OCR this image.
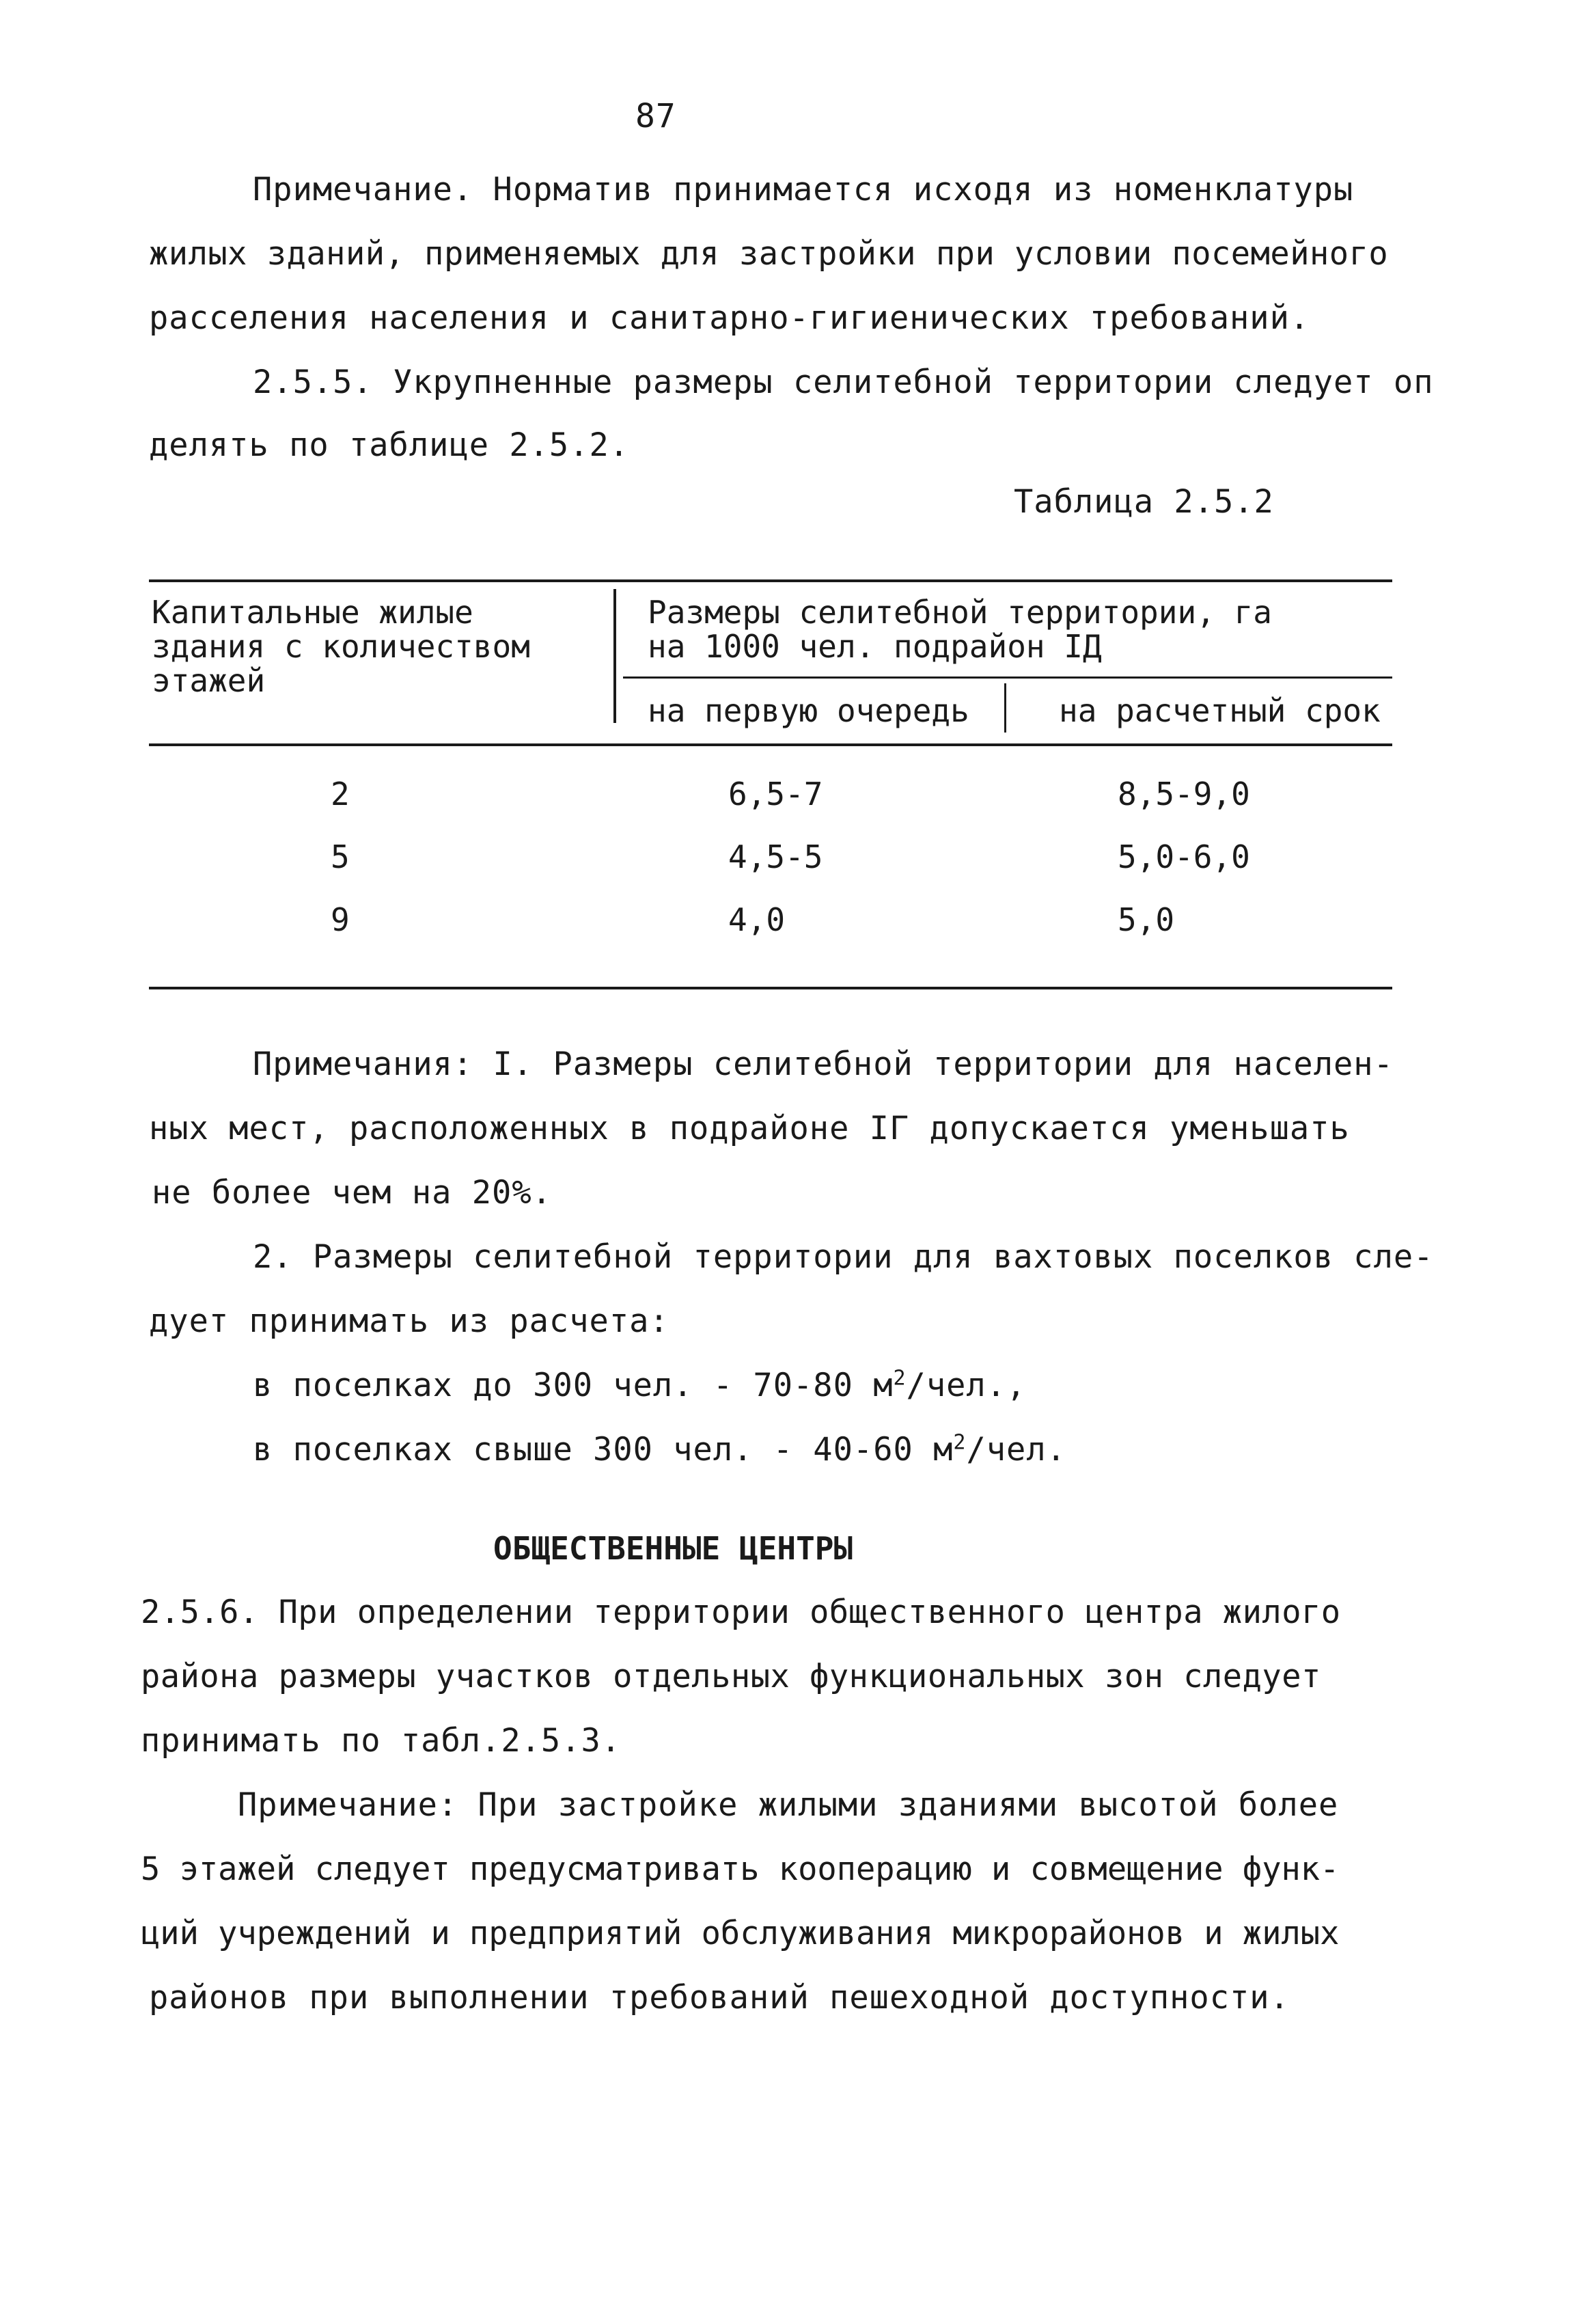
87
Примечание. Норматив принимается исходя из номенклатуры
жилых зданий, применяемых для застройки при условии посемейного
расселения населения и санитарно-гигиенических требований.
2.5.5. Укрупненные размеры селитебной территории следует оп
делять по таблице 2.5.2.
Таблица 2.5.2
Капитальные жилые
здания с количеством
этажей
Размеры селитебной территории, га
на 1000 чел. подрайон IД
на первую очередь	на расчетный срок
2	6,5-7	8,5-9,0
5	4,5-5	5,0-6,0
9	4,0	5,0
Примечания: I. Размеры селитебной территории для населен-
ных мест, расположенных в подрайоне IГ допускается уменьшать
не более чем на 20%.
2. Размеры селитебной территории для вахтовых поселков сле-
дует принимать из расчета:
в поселках до 300 чел. - 70-80 $м^2$/чел.,
в поселках свыше 300 чел. - 40-60 $м^2$/чел.
ОБЩЕСТВЕННЫЕ ЦЕНТРЫ
2.5.6. При определении территории общественного центра жилого
района размеры участков отдельных функциональных зон следует
принимать по табл.2.5.3.
Примечание: При застройке жилыми зданиями высотой более
5 этажей следует предусматривать кооперацию и совмещение функ-
ций учреждений и предприятий обслуживания микрорайонов и жилых
районов при выполнении требований пешеходной доступности.
